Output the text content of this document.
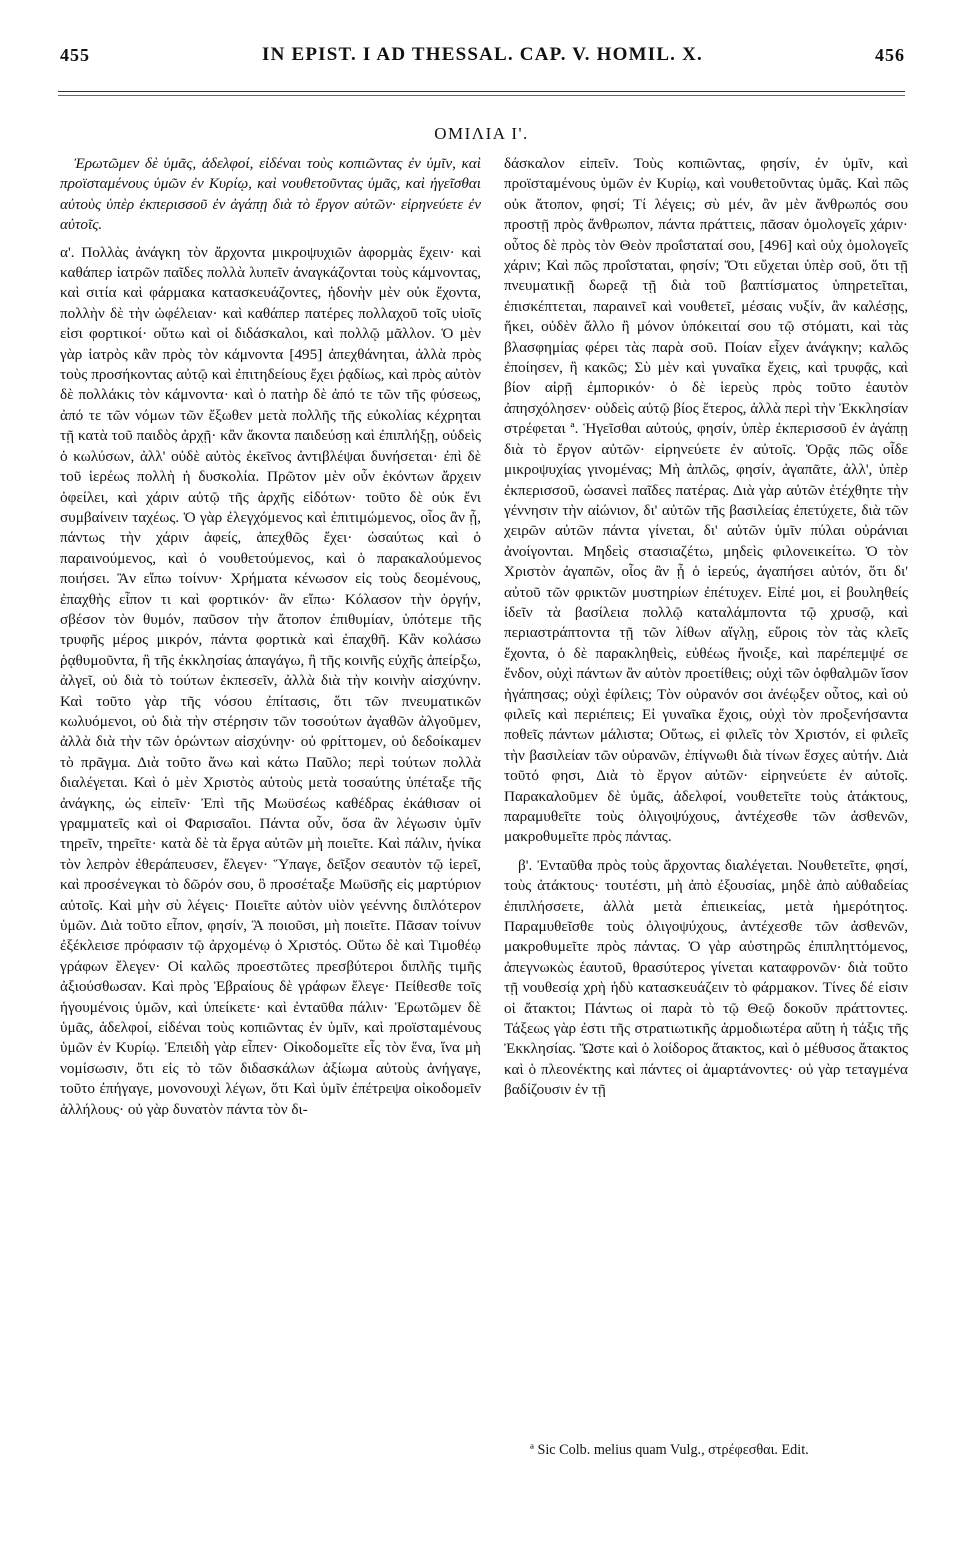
455	IN EPIST. I AD THESSAL. CAP. V. HOMIL. X.	456
ΟΜΙΛΙΑ Ι'.

Ἐρωτῶμεν δὲ ὑμᾶς, ἀδελφοί, εἰδέναι τοὺς κοπιῶντας ἐν ὑμῖν, καὶ προϊσταμένους ὑμῶν ἐν Κυρίῳ, καὶ νουθετοῦντας ὑμᾶς, καὶ ἡγεῖσθαι αὐτοὺς ὑπὲρ ἐκπερισσοῦ ἐν ἀγάπῃ διὰ τὸ ἔργον αὐτῶν· εἰρηνεύετε ἐν αὐτοῖς.

α'. Πολλὰς ἀνάγκη τὸν ἄρχοντα μικροψυχιῶν ἀφορμὰς ἔχειν· καὶ καθάπερ ἰατρῶν παῖδες πολλὰ λυπεῖν ἀναγκάζονται τοὺς κάμνοντας, καὶ σιτία καὶ φάρμακα κατασκευάζοντες, ἡδονὴν μὲν οὐκ ἔχοντα, πολλὴν δὲ τὴν ὠφέλειαν· καὶ καθάπερ πατέρες πολλαχοῦ τοῖς υἱοῖς εἰσι φορτικοί· οὕτω καὶ οἱ διδάσκαλοι, καὶ πολλῷ μᾶλλον. Ὁ μὲν γὰρ ἰατρὸς κἂν πρὸς τὸν κάμνοντα [495] ἀπεχθάνηται, ἀλλὰ πρὸς τοὺς προσήκοντας αὐτῷ καὶ ἐπιτηδείους ἔχει ῥᾳδίως, καὶ πρὸς αὐτὸν δὲ πολλάκις τὸν κάμνοντα· καὶ ὁ πατὴρ δὲ ἀπό τε τῶν τῆς φύσεως, ἀπό τε τῶν νόμων τῶν ἔξωθεν μετὰ πολλῆς τῆς εὐκολίας κέχρηται τῇ κατὰ τοῦ παιδὸς ἀρχῇ· κἂν ἄκοντα παιδεύσῃ καὶ ἐπιπλήξῃ, οὐδεὶς ὁ κωλύσων, ἀλλ' οὐδὲ αὐτὸς ἐκεῖνος ἀντιβλέψαι δυνήσεται· ἐπὶ δὲ τοῦ ἱερέως πολλὴ ἡ δυσκολία. Πρῶτον μὲν οὖν ἑκόντων ἄρχειν ὀφείλει, καὶ χάριν αὐτῷ τῆς ἀρχῆς εἰδότων· τοῦτο δὲ οὐκ ἔνι συμβαίνειν ταχέως. Ὁ γὰρ ἐλεγχόμενος καὶ ἐπιτιμώμενος, οἷος ἂν ᾖ, πάντως τὴν χάριν ἀφείς, ἀπεχθῶς ἔχει· ὡσαύτως καὶ ὁ παραινούμενος, καὶ ὁ νουθετούμενος, καὶ ὁ παρακαλούμενος ποιήσει. Ἂν εἴπω τοίνυν· Χρήματα κένωσον εἰς τοὺς δεομένους, ἐπαχθὴς εἶπον τι καὶ φορτικόν· ἂν εἴπω· Κόλασον τὴν ὀργήν, σβέσον τὸν θυμόν, παῦσον τὴν ἄτοπον ἐπιθυμίαν, ὑπότεμε τῆς τρυφῆς μέρος μικρόν, πάντα φορτικὰ καὶ ἐπαχθῆ. Κἂν κολάσω ῥᾳθυμοῦντα, ἢ τῆς ἐκκλησίας ἀπαγάγω, ἢ τῆς κοινῆς εὐχῆς ἀπείρξω, ἀλγεῖ, οὐ διὰ τὸ τούτων ἐκπεσεῖν, ἀλλὰ διὰ τὴν κοινὴν αἰσχύνην. Καὶ τοῦτο γὰρ τῆς νόσου ἐπίτασις, ὅτι τῶν πνευματικῶν κωλυόμενοι, οὐ διὰ τὴν στέρησιν τῶν τοσούτων ἀγαθῶν ἀλγοῦμεν, ἀλλὰ διὰ τὴν τῶν ὁρώντων αἰσχύνην· οὐ φρίττομεν, οὐ δεδοίκαμεν τὸ πρᾶγμα. Διὰ τοῦτο ἄνω καὶ κάτω Παῦλο; περὶ τούτων πολλὰ διαλέγεται. Καὶ ὁ μὲν Χριστὸς αὐτοὺς μετὰ τοσαύτης ὑπέταξε τῆς ἀνάγκης, ὡς εἰπεῖν· Ἐπὶ τῆς Μωϋσέως καθέδρας ἐκάθισαν οἱ γραμματεῖς καὶ οἱ Φαρισαῖοι. Πάντα οὖν, ὅσα ἂν λέγωσιν ὑμῖν τηρεῖν, τηρεῖτε· κατὰ δὲ τὰ ἔργα αὐτῶν μὴ ποιεῖτε. Καὶ πάλιν, ἡνίκα τὸν λεπρὸν ἐθεράπευσεν, ἔλεγεν· Ὕπαγε, δεῖξον σεαυτὸν τῷ ἱερεῖ, καὶ προσένεγκαι τὸ δῶρόν σου, ὃ προσέταξε Μωϋσῆς εἰς μαρτύριον αὐτοῖς. Καὶ μὴν σὺ λέγεις· Ποιεῖτε αὐτὸν υἱὸν γεέννης διπλότερον ὑμῶν. Διὰ τοῦτο εἶπον, φησίν, Ἃ ποιοῦσι, μὴ ποιεῖτε. Πᾶσαν τοίνυν ἐξέκλεισε πρόφασιν τῷ ἀρχομένῳ ὁ Χριστός. Οὕτω δὲ καὶ Τιμοθέῳ γράφων ἔλεγεν· Οἱ καλῶς προεστῶτες πρεσβύτεροι διπλῆς τιμῆς ἀξιούσθωσαν. Καὶ πρὸς Ἑβραίους δὲ γράφων ἔλεγε· Πείθεσθε τοῖς ἡγουμένοις ὑμῶν, καὶ ὑπείκετε· καὶ ἐνταῦθα πάλιν· Ἐρωτῶμεν δὲ ὑμᾶς, ἀδελφοί, εἰδέναι τοὺς κοπιῶντας ἐν ὑμῖν, καὶ προϊσταμένους ὑμῶν ἐν Κυρίῳ. Ἐπειδὴ γὰρ εἶπεν· Οἰκοδομεῖτε εἷς τὸν ἕνα, ἵνα μὴ νομίσωσιν, ὅτι εἰς τὸ τῶν διδασκάλων ἀξίωμα αὐτοὺς ἀνήγαγε, τοῦτο ἐπήγαγε, μονονουχὶ λέγων, ὅτι Καὶ ὑμῖν ἐπέτρεψα οἰκοδομεῖν ἀλλήλους· οὐ γὰρ δυνατὸν πάντα τὸν δι-

δάσκαλον εἰπεῖν. Τοὺς κοπιῶντας, φησίν, ἐν ὑμῖν, καὶ προϊσταμένους ὑμῶν ἐν Κυρίῳ, καὶ νουθετοῦντας ὑμᾶς. Καὶ πῶς οὐκ ἄτοπον, φησί; Τί λέγεις; σὺ μέν, ἂν μὲν ἄνθρωπός σου προστῇ πρὸς ἄνθρωπον, πάντα πράττεις, πᾶσαν ὁμολογεῖς χάριν· οὗτος δὲ πρὸς τὸν Θεὸν προΐσταταί σου, [496] καὶ οὐχ ὁμολογεῖς χάριν; Καὶ πῶς προΐσταται, φησίν; Ὅτι εὔχεται ὑπὲρ σοῦ, ὅτι τῇ πνευματικῇ δωρεᾷ τῇ διὰ τοῦ βαπτίσματος ὑπηρετεῖται, ἐπισκέπτεται, παραινεῖ καὶ νουθετεῖ, μέσαις νυξίν, ἂν καλέσῃς, ἥκει, οὐδὲν ἄλλο ἢ μόνον ὑπόκειταί σου τῷ στόματι, καὶ τὰς βλασφημίας φέρει τὰς παρὰ σοῦ. Ποίαν εἶχεν ἀνάγκην; καλῶς ἐποίησεν, ἢ κακῶς; Σὺ μὲν καὶ γυναῖκα ἔχεις, καὶ τρυφᾷς, καὶ βίον αἱρῇ ἐμπορικόν· ὁ δὲ ἱερεὺς πρὸς τοῦτο ἑαυτὸν ἀπησχόλησεν· οὐδεὶς αὐτῷ βίος ἕτερος, ἀλλὰ περὶ τὴν Ἐκκλησίαν στρέφεται ª. Ἡγεῖσθαι αὐτούς, φησίν, ὑπὲρ ἐκπερισσοῦ ἐν ἀγάπῃ διὰ τὸ ἔργον αὐτῶν· εἰρηνεύετε ἐν αὐτοῖς. Ὁρᾷς πῶς οἶδε μικροψυχίας γινομένας; Μὴ ἁπλῶς, φησίν, ἀγαπᾶτε, ἀλλ', ὑπὲρ ἐκπερισσοῦ, ὡσανεὶ παῖδες πατέρας. Διὰ γὰρ αὐτῶν ἐτέχθητε τὴν γέννησιν τὴν αἰώνιον, δι' αὐτῶν τῆς βασιλείας ἐπετύχετε, διὰ τῶν χειρῶν αὐτῶν πάντα γίνεται, δι' αὐτῶν ὑμῖν πύλαι οὐράνιαι ἀνοίγονται. Μηδεὶς στασιαζέτω, μηδεὶς φιλονεικείτω. Ὁ τὸν Χριστὸν ἀγαπῶν, οἷος ἂν ᾖ ὁ ἱερεύς, ἀγαπήσει αὐτόν, ὅτι δι' αὐτοῦ τῶν φρικτῶν μυστηρίων ἐπέτυχεν. Εἰπέ μοι, εἰ βουληθείς ἰδεῖν τὰ βασίλεια πολλῷ καταλάμποντα τῷ χρυσῷ, καὶ περιαστράπτοντα τῇ τῶν λίθων αἴγλῃ, εὕροις τὸν τὰς κλεῖς ἔχοντα, ὁ δὲ παρακληθεὶς, εὐθέως ἤνοιξε, καὶ παρέπεμψέ σε ἔνδον, οὐχὶ πάντων ἂν αὐτὸν προετίθεις; οὐχὶ τῶν ὀφθαλμῶν ἴσον ἠγάπησας; οὐχὶ ἐφίλεις; Τὸν οὐρανόν σοι ἀνέῳξεν οὗτος, καὶ οὐ φιλεῖς καὶ περιέπεις; Εἰ γυναῖκα ἔχοις, οὐχὶ τὸν προξενήσαντα ποθεῖς πάντων μάλιστα; Οὕτως, εἰ φιλεῖς τὸν Χριστόν, εἰ φιλεῖς τὴν βασιλείαν τῶν οὐρανῶν, ἐπίγνωθι διὰ τίνων ἔσχες αὐτήν. Διὰ τοῦτό φησι, Διὰ τὸ ἔργον αὐτῶν· εἰρηνεύετε ἐν αὐτοῖς. Παρακαλοῦμεν δὲ ὑμᾶς, ἀδελφοί, νουθετεῖτε τοὺς ἀτάκτους, παραμυθεῖτε τοὺς ὀλιγοψύχους, ἀντέχεσθε τῶν ἀσθενῶν, μακροθυμεῖτε πρὸς πάντας.

β'. Ἐνταῦθα πρὸς τοὺς ἄρχοντας διαλέγεται. Νουθετεῖτε, φησί, τοὺς ἀτάκτους· τουτέστι, μὴ ἀπὸ ἐξουσίας, μηδὲ ἀπὸ αὐθαδείας ἐπιπλήσσετε, ἀλλὰ μετὰ ἐπιεικείας, μετὰ ἡμερότητος. Παραμυθεῖσθε τοὺς ὀλιγοψύχους, ἀντέχεσθε τῶν ἀσθενῶν, μακροθυμεῖτε πρὸς πάντας. Ὁ γὰρ αὐστηρῶς ἐπιπληττόμενος, ἀπεγνωκὼς ἑαυτοῦ, θρασύτερος γίνεται καταφρονῶν· διὰ τοῦτο τῇ νουθεσίᾳ χρὴ ἡδὺ κατασκευάζειν τὸ φάρμακον. Τίνες δέ εἰσιν οἱ ἄτακτοι; Πάντως οἱ παρὰ τὸ τῷ Θεῷ δοκοῦν πράττοντες. Τάξεως γὰρ ἐστι τῆς στρατιωτικῆς ἁρμοδιωτέρα αὕτη ἡ τάξις τῆς Ἐκκλησίας. Ὥστε καὶ ὁ λοίδορος ἄτακτος, καὶ ὁ μέθυσος ἄτακτος καὶ ὁ πλεονέκτης καὶ πάντες οἱ ἁμαρτάνοντες· οὐ γὰρ τεταγμένα βαδίζουσιν ἐν τῇ

ª Sic Colb. melius quam Vulg., στρέφεσθαι. Edit.
